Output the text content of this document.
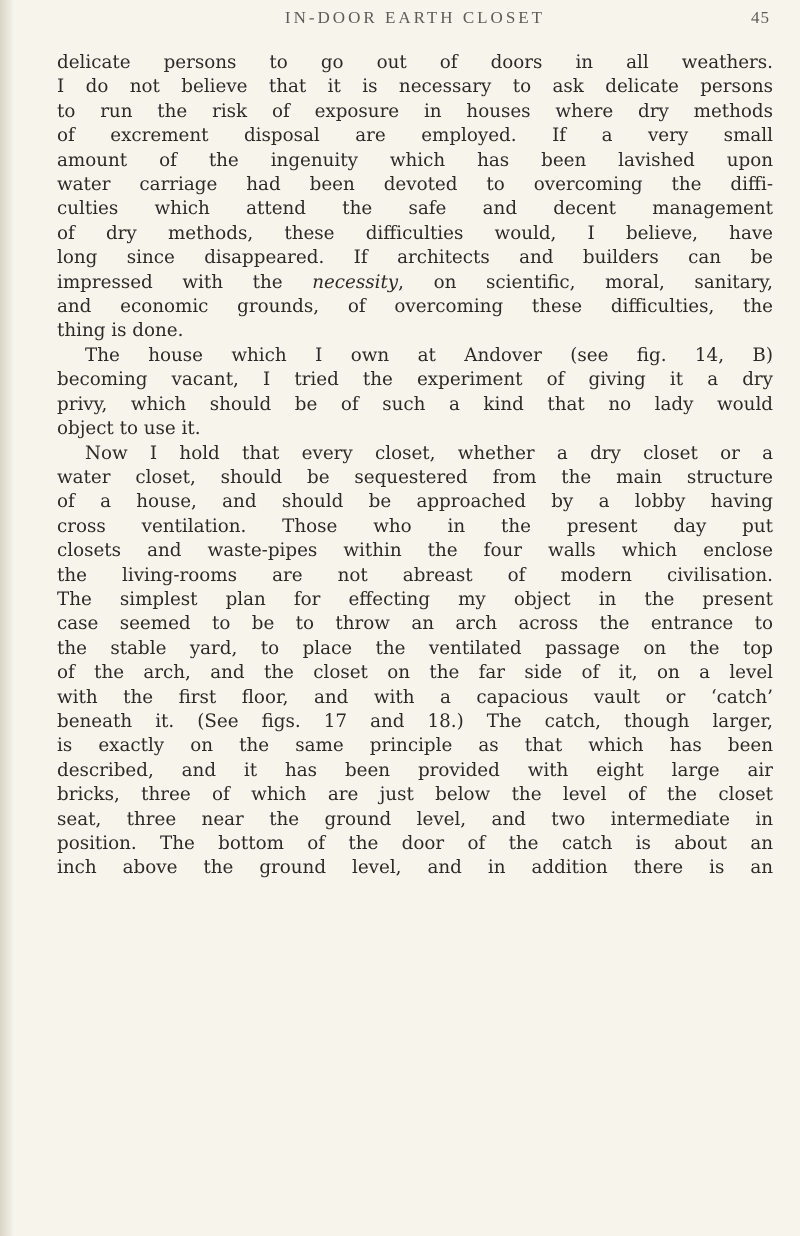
IN-DOOR EARTH CLOSET	45
delicate persons to go out of doors in all weathers.
I do not believe that it is necessary to ask delicate persons
to run the risk of exposure in houses where dry methods
of excrement disposal are employed. If a very small
amount of the ingenuity which has been lavished upon
water carriage had been devoted to overcoming the diffi-
culties which attend the safe and decent management
of dry methods, these difficulties would, I believe, have
long since disappeared. If architects and builders can be
impressed with the necessity, on scientific, moral, sanitary,
and economic grounds, of overcoming these difficulties, the
thing is done.
The house which I own at Andover (see fig. 14, B)
becoming vacant, I tried the experiment of giving it a dry
privy, which should be of such a kind that no lady would
object to use it.
Now I hold that every closet, whether a dry closet or a
water closet, should be sequestered from the main structure
of a house, and should be approached by a lobby having
cross ventilation. Those who in the present day put
closets and waste-pipes within the four walls which enclose
the living-rooms are not abreast of modern civilisation.
The simplest plan for effecting my object in the present
case seemed to be to throw an arch across the entrance to
the stable yard, to place the ventilated passage on the top
of the arch, and the closet on the far side of it, on a level
with the first floor, and with a capacious vault or ‘catch’
beneath it. (See figs. 17 and 18.) The catch, though larger,
is exactly on the same principle as that which has been
described, and it has been provided with eight large air
bricks, three of which are just below the level of the closet
seat, three near the ground level, and two intermediate in
position. The bottom of the door of the catch is about an
inch above the ground level, and in addition there is an
